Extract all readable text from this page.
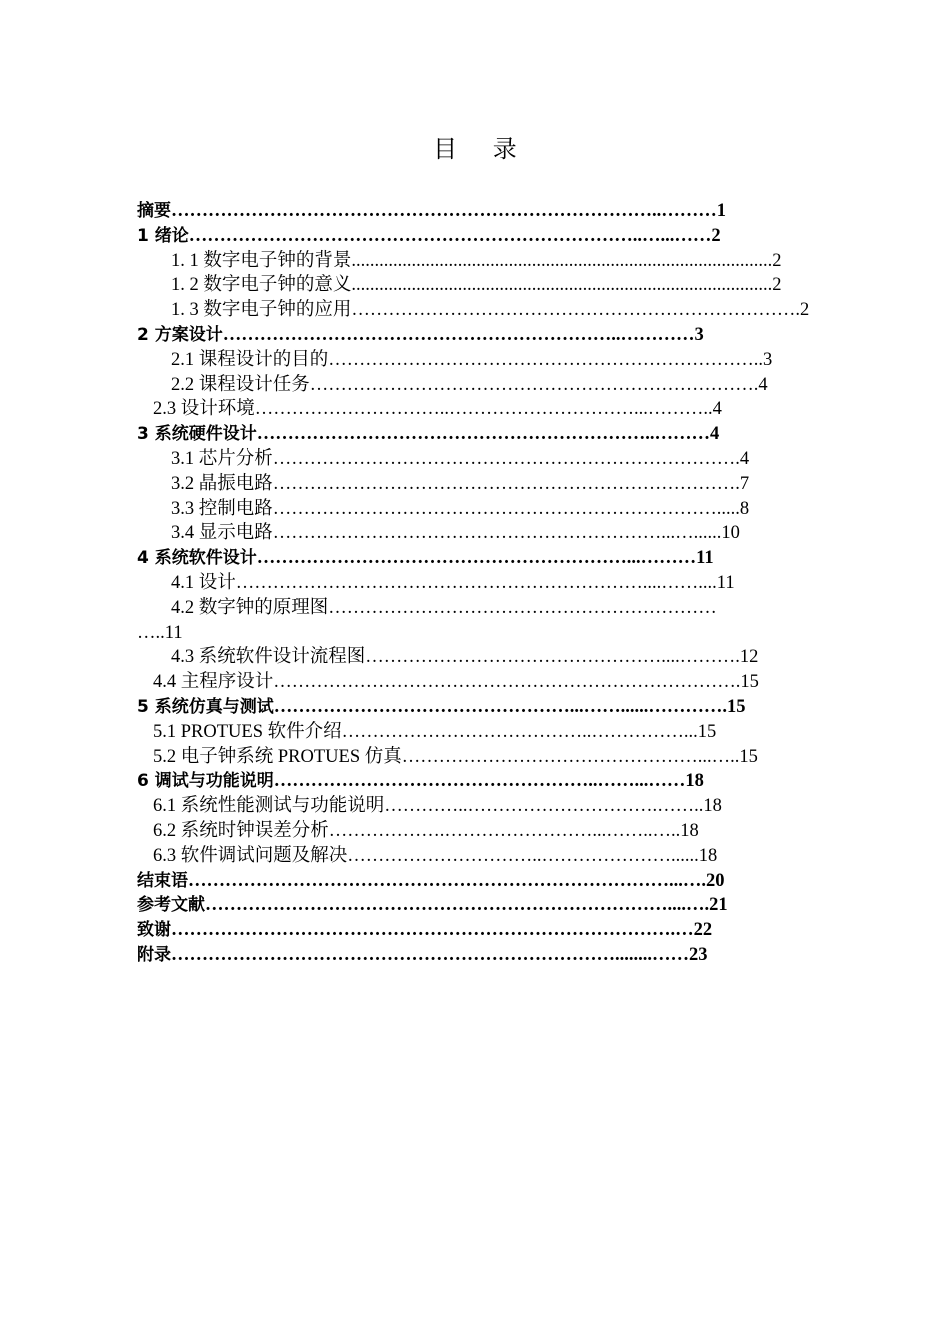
目 录
摘要……………………………………………………………………..………1
1 绪论………………………………………………………………..…...……2
1. 1 数字电子钟的背景...........................................................................................2
1. 2 数字电子钟的意义...........................................................................................2
1. 3 数字电子钟的应用……………………………………………………………….2
2 方案设计………………………………………………………..…………3
2.1 课程设计的目的……………………………………………………………..3
2.2 课程设计任务……………………………………………………………….4
2.3 设计环境…………………………..…………………………...………..4
3 系统硬件设计………………………………………………………..………4
3.1 芯片分析………………………………………………………………….4
3.2 晶振电路………………………………………………………………….7
3.3 控制电路……………………………………………………………….....8
3.4 显示电路………………………………………………………...…......10
4 系统软件设计……………………………………………………...………11
4.1 设计…………………………………………………………....……....11
4.2 数字钟的原理图………………………………………………………
…..11
4.3 系统软件设计流程图…………………………………………....……….12
4.4 主程序设计………………………………………………………………….15
5 系统仿真与测试…………………………………………...……......………….15
5.1 PROTUES 软件介绍…………………………………..……………...15
5.2 电子钟系统 PROTUES 仿真…………………………………………...…..15
6 调试与功能说明……………………………………………..……...……18
6.1 系统性能测试与功能说明…………..………………………….……..18
6.2 系统时钟误差分析……………….……………………...……..…..18
6.3 软件调试问题及解决…………………………..…………………......18
结束语……………………………………………………………………...….20
参考文献…………………………………………………………………....….21
致谢……………………………………………………………………….…22
附录………………………………………………………………........……23
